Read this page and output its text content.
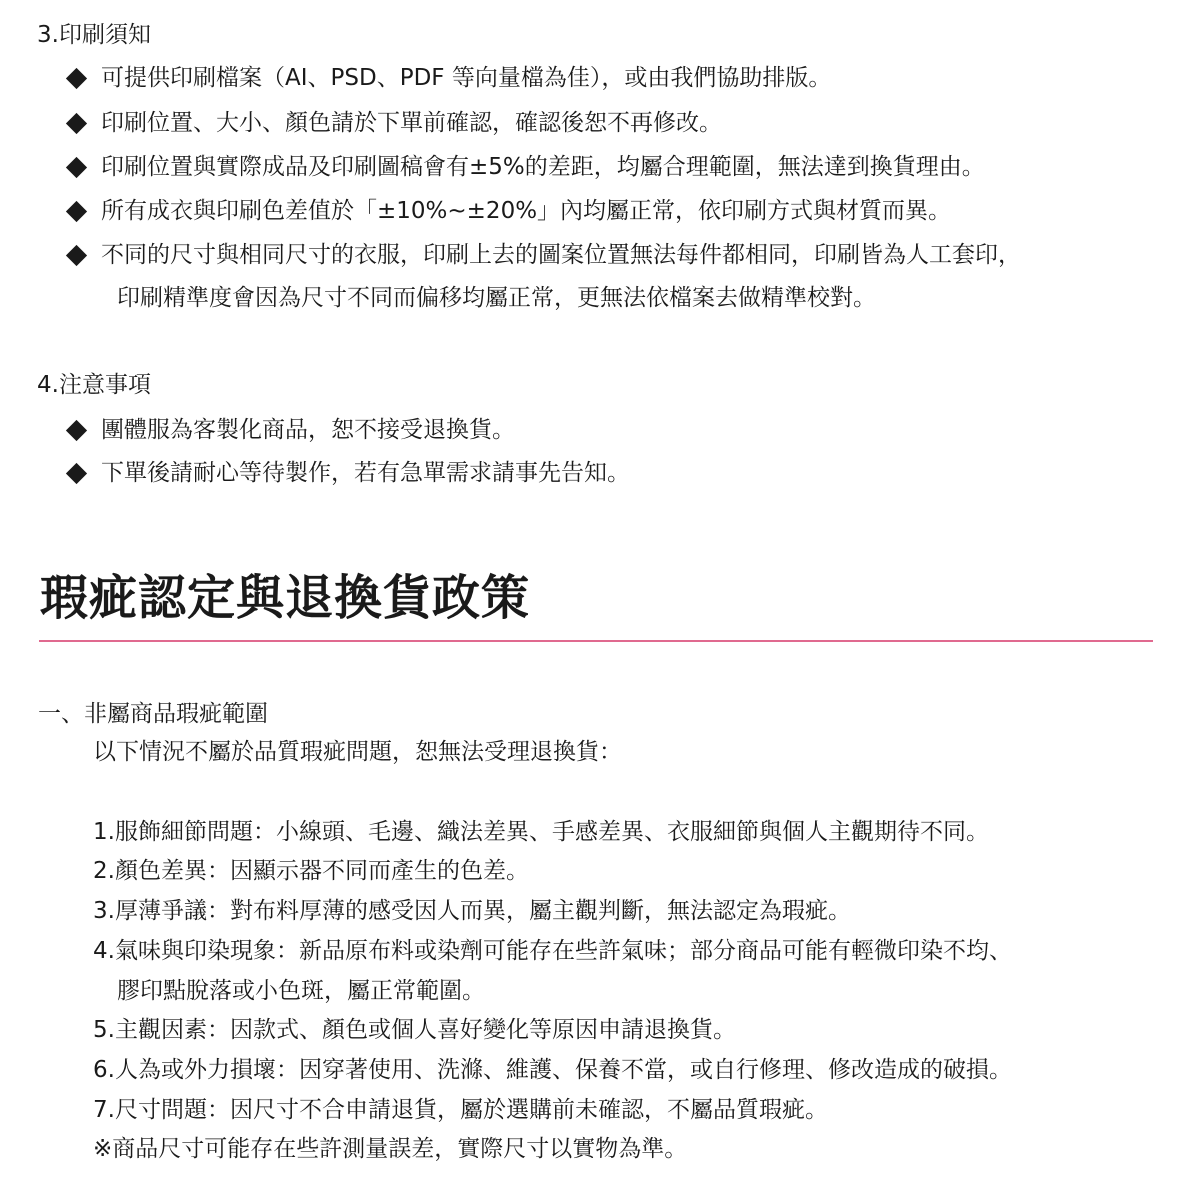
3.印刷須知
可提供印刷檔案（AI、PSD、PDF 等向量檔為佳），或由我們協助排版。
印刷位置、大小、顏色請於下單前確認，確認後恕不再修改。
印刷位置與實際成品及印刷圖稿會有±5%的差距，均屬合理範圍，無法達到換貨理由。
所有成衣與印刷色差值於「±10%~±20%」內均屬正常，依印刷方式與材質而異。
不同的尺寸與相同尺寸的衣服，印刷上去的圖案位置無法每件都相同，印刷皆為人工套印，
印刷精準度會因為尺寸不同而偏移均屬正常，更無法依檔案去做精準校對。
4.注意事項
團體服為客製化商品，恕不接受退換貨。
下單後請耐心等待製作，若有急單需求請事先告知。
瑕疵認定與退換貨政策
一、非屬商品瑕疵範圍
以下情況不屬於品質瑕疵問題，恕無法受理退換貨：
1.服飾細節問題：小線頭、毛邊、織法差異、手感差異、衣服細節與個人主觀期待不同。
2.顏色差異：因顯示器不同而產生的色差。
3.厚薄爭議：對布料厚薄的感受因人而異，屬主觀判斷，無法認定為瑕疵。
4.氣味與印染現象：新品原布料或染劑可能存在些許氣味；部分商品可能有輕微印染不均、
膠印點脫落或小色斑，屬正常範圍。
5.主觀因素：因款式、顏色或個人喜好變化等原因申請退換貨。
6.人為或外力損壞：因穿著使用、洗滌、維護、保養不當，或自行修理、修改造成的破損。
7.尺寸問題：因尺寸不合申請退貨，屬於選購前未確認，不屬品質瑕疵。
※商品尺寸可能存在些許測量誤差，實際尺寸以實物為準。
